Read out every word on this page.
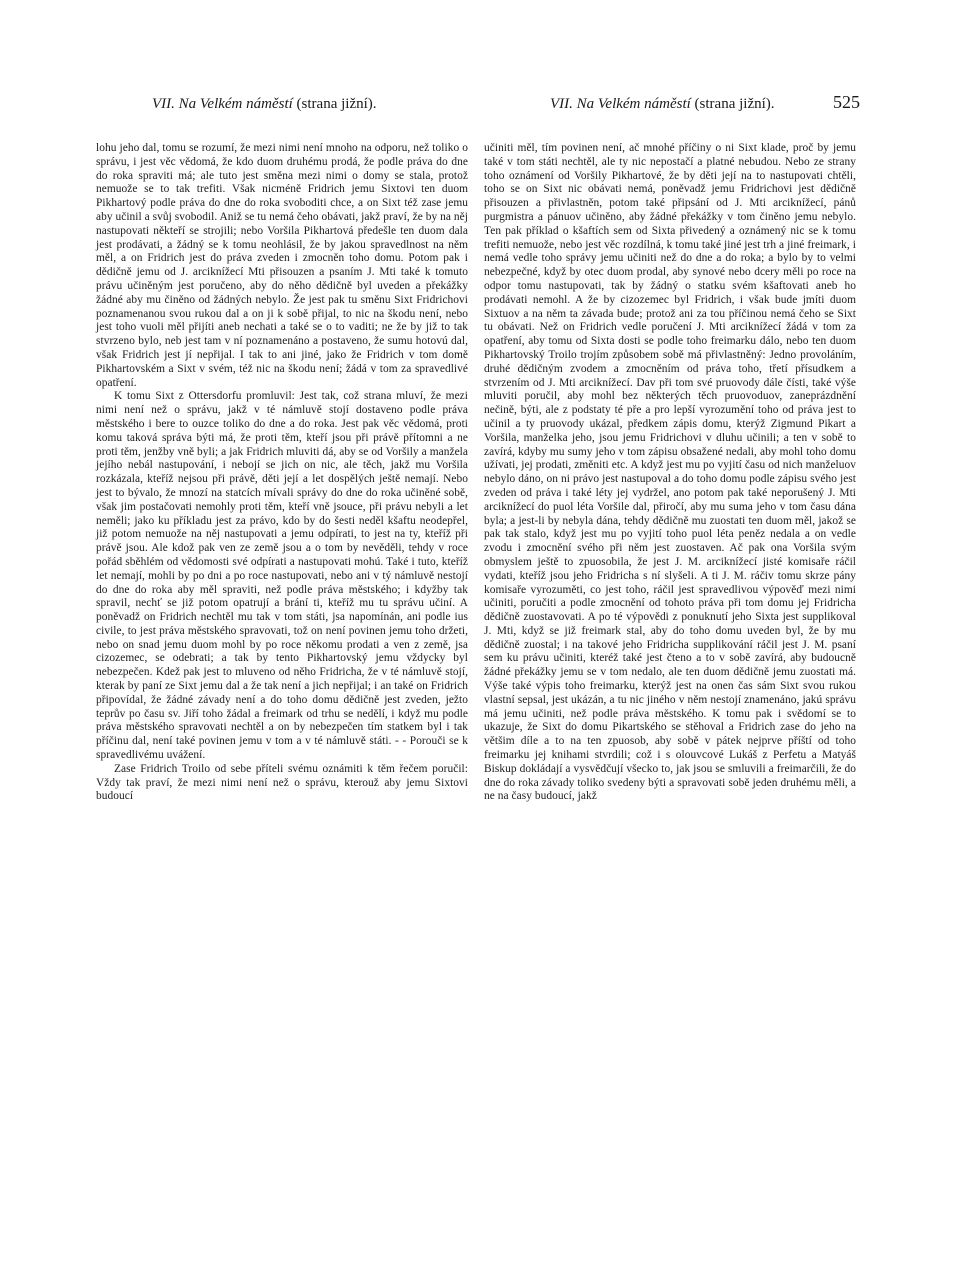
VII. Na Velkém náměstí (strana jižní).	VII. Na Velkém náměstí (strana jižní).	525

lohu jeho dal, tomu se rozumí, že mezi nimi není mnoho na odporu, než toliko o správu, i jest věc vědomá, že kdo duom druhému prodá, že podle práva do dne do roka spraviti má; ale tuto jest směna mezi nimi o domy se stala, protož nemuože se to tak trefiti. Však nicméně Fridrich jemu Sixtovi ten duom Pikhartový podle práva do dne do roka svoboditi chce, a on Sixt též zase jemu aby učinil a svůj svobodil. Aniž se tu nemá čeho obávati, jakž praví, že by na něj nastupovati někteří se strojili; nebo Voršila Pikhartová předešle ten duom dala jest prodávati, a žádný se k tomu neohlásil, že by jakou spravedlnost na něm měl, a on Fridrich jest do práva zveden i zmocněn toho domu. Potom pak i dědičně jemu od J. arciknížecí Mti přisouzen a psaním J. Mti také k tomuto právu učiněným jest poručeno, aby do něho dědičně byl uveden a překážky žádné aby mu činěno od žádných nebylo. Že jest pak tu směnu Sixt Fridrichovi poznamenanou svou rukou dal a on ji k sobě přijal, to nic na škodu není, nebo jest toho vuoli měl přijíti aneb nechati a také se o to vaditi; ne že by již to tak stvrzeno bylo, neb jest tam v ní poznamenáno a postaveno, že sumu hotovú dal, však Fridrich jest jí nepřijal. I tak to ani jiné, jako že Fridrich v tom domě Pikhartovském a Sixt v svém, též nic na škodu není; žádá v tom za spravedlivé opatření.

K tomu Sixt z Ottersdorfu promluvil: Jest tak, což strana mluví, že mezi nimi není než o správu, jakž v té námluvě stojí dostaveno podle práva městského i bere to ouzce toliko do dne a do roka. Jest pak věc vědomá, proti komu taková správa býti má, že proti těm, kteří jsou při právě přítomni a ne proti těm, jenžby vně byli; a jak Fridrich mluviti dá, aby se od Voršily a manžela jejího nebál nastupování, i nebojí se jich on nic, ale těch, jakž mu Voršila rozkázala, kteříž nejsou při právě, děti její a let dospělých ještě nemají. Nebo jest to bývalo, že mnozí na statcích mívali správy do dne do roka učiněné sobě, však jim postačovati nemohly proti těm, kteří vně jsouce, při právu nebyli a let neměli; jako ku příkladu jest za právo, kdo by do šesti neděl kšaftu neodepřel, již potom nemuože na něj nastupovati a jemu odpírati, to jest na ty, kteříž při právě jsou. Ale kdož pak ven ze země jsou a o tom by nevěděli, tehdy v roce pořád sběhlém od vědomosti své odpírati a nastupovati mohú. Také i tuto, kteříž let nemají, mohli by po dni a po roce nastupovati, nebo ani v tý námluvě nestojí do dne do roka aby měl spraviti, než podle práva městského; i kdyžby tak spravil, nechť se již potom opatrují a brání ti, kteříž mu tu správu učiní. A poněvadž on Fridrich nechtěl mu tak v tom státi, jsa napomínán, ani podle ius civile, to jest práva městského spravovati, tož on není povinen jemu toho držeti, nebo on snad jemu duom mohl by po roce někomu prodati a ven z země, jsa cizozemec, se odebrati; a tak by tento Pikhartovský jemu vždycky byl nebezpečen. Kdež pak jest to mluveno od něho Fridricha, že v té námluvě stojí, kterak by paní ze Sixt jemu dal a že tak není a jich nepřijal; i an také on Fridrich připovídal, že žádné závady není a do toho domu dědičně jest zveden, ježto teprův po času sv. Jiří toho žádal a freimark od trhu se nedělí, i když mu podle práva městského spravovati nechtěl a on by nebezpečen tím statkem byl i tak příčinu dal, není také povinen jemu v tom a v té námluvě státi. - - Porouči se k spravedlivému uvážení.

Zase Fridrich Troilo od sebe příteli svému oznámiti k těm řečem poručil: Vždy tak praví, že mezi nimi není než o správu, kterouž aby jemu Sixtovi budoucí

učiniti měl, tím povinen není, ač mnohé příčiny o ni Sixt klade, proč by jemu také v tom státi nechtěl, ale ty nic nepostačí a platné nebudou. Nebo ze strany toho oznámení od Voršily Pikhartové, že by děti její na to nastupovati chtěli, toho se on Sixt nic obávati nemá, poněvadž jemu Fridrichovi jest dědičně přisouzen a přivlastněn, potom také připsání od J. Mti arciknížecí, pánů purgmistra a pánuov učiněno, aby žádné překážky v tom činěno jemu nebylo. Ten pak příklad o kšaftích sem od Sixta přivedený a oznámený nic se k tomu trefiti nemuože, nebo jest věc rozdílná, k tomu také jiné jest trh a jiné freimark, i nemá vedle toho správy jemu učiniti než do dne a do roka; a bylo by to velmi nebezpečné, když by otec duom prodal, aby synové nebo dcery měli po roce na odpor tomu nastupovati, tak by žádný o statku svém kšaftovati aneb ho prodávati nemohl. A že by cizozemec byl Fridrich, i však bude jmíti duom Sixtuov a na něm ta závada bude; protož ani za tou příčinou nemá čeho se Sixt tu obávati. Než on Fridrich vedle poručení J. Mti arciknížecí žádá v tom za opatření, aby tomu od Sixta dosti se podle toho freimarku dálo, nebo ten duom Pikhartovský Troilo trojím způsobem sobě má přivlastněný: Jedno provoláním, druhé dědičným zvodem a zmocněním od práva toho, třetí přísudkem a stvrzením od J. Mti arciknížecí. Dav při tom své pruovody dále čísti, také výše mluviti poručil, aby mohl bez některých těch pruovoduov, zaneprázdnění nečině, býti, ale z podstaty té pře a pro lepší vyrozumění toho od práva jest to učinil a ty pruovody ukázal, předkem zápis domu, kterýž Zigmund Pikart a Voršila, manželka jeho, jsou jemu Fridrichovi v dluhu učinili; a ten v sobě to zavírá, kdyby mu sumy jeho v tom zápisu obsažené nedali, aby mohl toho domu užívati, jej prodati, změniti etc. A když jest mu po vyjití času od nich manželuov nebylo dáno, on ni právo jest nastupoval a do toho domu podle zápisu svého jest zveden od práva i také léty jej vydržel, ano potom pak také neporušený J. Mti arciknížecí do puol léta Voršile dal, přiročí, aby mu suma jeho v tom času dána byla; a jest-li by nebyla dána, tehdy dědičně mu zuostati ten duom měl, jakož se pak tak stalo, když jest mu po vyjití toho puol léta peněz nedala a on vedle zvodu i zmocnění svého při něm jest zuostaven. Ač pak ona Voršila svým obmyslem ještě to zpuosobila, že jest J. M. arciknížecí jisté komisaře ráčil vydati, kteříž jsou jeho Fridricha s ní slyšeli. A ti J. M. ráčiv tomu skrze pány komisaře vyrozuměti, co jest toho, ráčil jest spravedlivou výpověď mezi nimi učiniti, poručiti a podle zmocnění od tohoto práva při tom domu jej Fridricha dědičně zuostavovati. A po té výpovědi z ponuknutí jeho Sixta jest supplikoval J. Mti, když se již freimark stal, aby do toho domu uveden byl, že by mu dědičně zuostal; i na takové jeho Fridricha supplikování ráčil jest J. M. psaní sem ku právu učiniti, kteréž také jest čteno a to v sobě zavírá, aby budoucně žádné překážky jemu se v tom nedalo, ale ten duom dědičně jemu zuostati má. Výše také výpis toho freimarku, kterýž jest na onen čas sám Sixt svou rukou vlastní sepsal, jest ukázán, a tu nic jiného v něm nestojí znamenáno, jakú správu má jemu učiniti, než podle práva městského. K tomu pak i svědomí se to ukazuje, že Sixt do domu Pikartského se stěhoval a Fridrich zase do jeho na většim díle a to na ten zpuosob, aby sobě v pátek nejprve příští od toho freimarku jej knihami stvrdili; což i s olouvcové Lukáš z Perfetu a Matyáš Biskup dokládají a vysvědčují všecko to, jak jsou se smluvili a freimarčili, že do dne do roka závady toliko svedeny býti a spravovati sobě jeden druhému měli, a ne na časy budoucí, jakž
